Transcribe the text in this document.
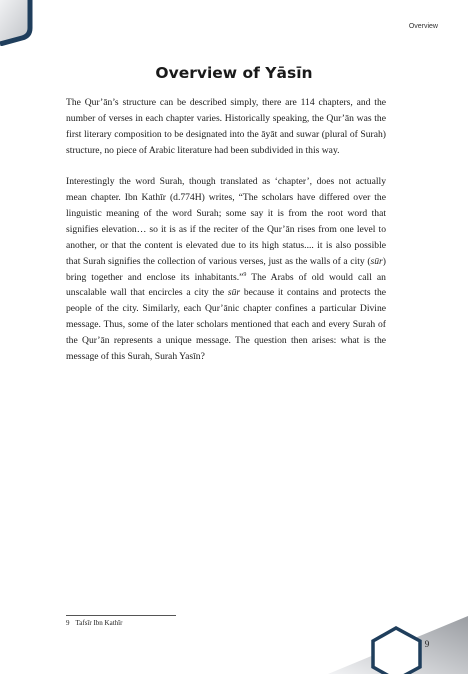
Overview
Overview of Yāsīn

The Qur’ān’s structure can be described simply, there are 114 chapters, and the number of verses in each chapter varies. Historically speaking, the Qur’ān was the first literary composition to be designated into the āyāt and suwar (plural of Surah) structure, no piece of Arabic literature had been subdivided in this way.

Interestingly the word Surah, though translated as ‘chapter’, does not actually mean chapter. Ibn Kathīr (d.774H) writes, “The scholars have differed over the linguistic meaning of the word Surah; some say it is from the root word that signifies elevation… so it is as if the reciter of the Qur’ān rises from one level to another, or that the content is elevated due to its high status.... it is also possible that Surah signifies the collection of various verses, just as the walls of a city (sūr) bring together and enclose its inhabitants.”$^9$ The Arabs of old would call an unscalable wall that encircles a city the sūr because it contains and protects the people of the city. Similarly, each Qur’ānic chapter confines a particular Divine message. Thus, some of the later scholars mentioned that each and every Surah of the Qur’ān represents a unique message. The question then arises: what is the message of this Surah, Surah Yasīn?

9 Tafsīr Ibn Kathīr
9
